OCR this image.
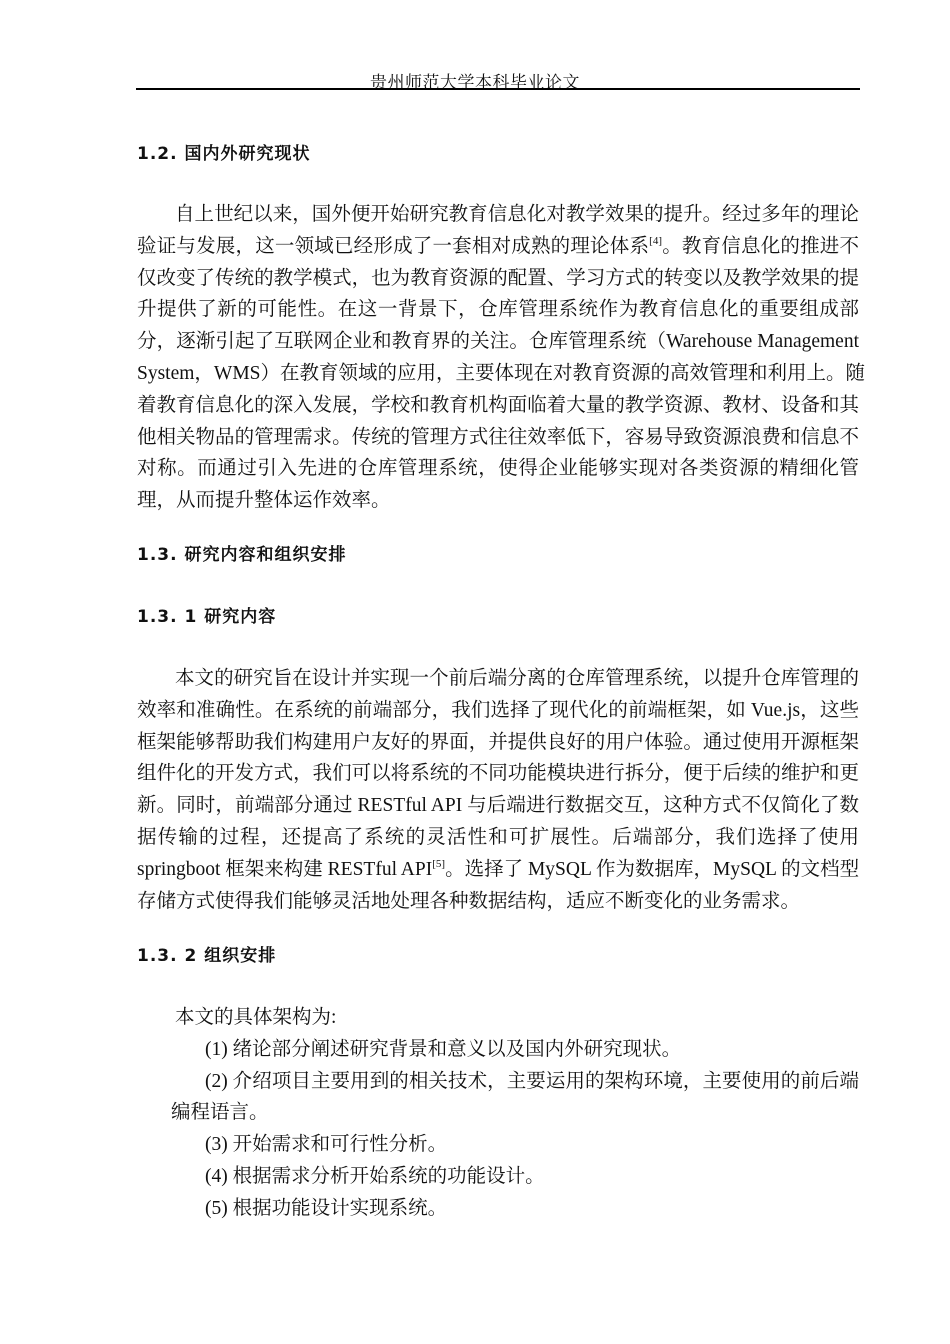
贵州师范大学本科毕业论文
1.2. 国内外研究现状
自上世纪以来，国外便开始研究教育信息化对教学效果的提升。经过多年的理论
验证与发展，这一领域已经形成了一套相对成熟的理论体系[4]。教育信息化的推进不
仅改变了传统的教学模式，也为教育资源的配置、学习方式的转变以及教学效果的提
升提供了新的可能性。在这一背景下，仓库管理系统作为教育信息化的重要组成部
分，逐渐引起了互联网企业和教育界的关注。仓库管理系统（Warehouse Management
System，WMS）在教育领域的应用，主要体现在对教育资源的高效管理和利用上。随
着教育信息化的深入发展，学校和教育机构面临着大量的教学资源、教材、设备和其
他相关物品的管理需求。传统的管理方式往往效率低下，容易导致资源浪费和信息不
对称。而通过引入先进的仓库管理系统，使得企业能够实现对各类资源的精细化管
理，从而提升整体运作效率。
1.3. 研究内容和组织安排
1.3. 1 研究内容
本文的研究旨在设计并实现一个前后端分离的仓库管理系统，以提升仓库管理的
效率和准确性。在系统的前端部分，我们选择了现代化的前端框架，如 Vue.js，这些
框架能够帮助我们构建用户友好的界面，并提供良好的用户体验。通过使用开源框架
组件化的开发方式，我们可以将系统的不同功能模块进行拆分，便于后续的维护和更
新。同时，前端部分通过 RESTful API 与后端进行数据交互，这种方式不仅简化了数
据传输的过程，还提高了系统的灵活性和可扩展性。后端部分，我们选择了使用
springboot 框架来构建 RESTful API[5]。选择了 MySQL 作为数据库，MySQL 的文档型
存储方式使得我们能够灵活地处理各种数据结构，适应不断变化的业务需求。
1.3. 2 组织安排
本文的具体架构为:
(1) 绪论部分阐述研究背景和意义以及国内外研究现状。
(2) 介绍项目主要用到的相关技术，主要运用的架构环境，主要使用的前后端
编程语言。
(3) 开始需求和可行性分析。
(4) 根据需求分析开始系统的功能设计。
(5) 根据功能设计实现系统。
